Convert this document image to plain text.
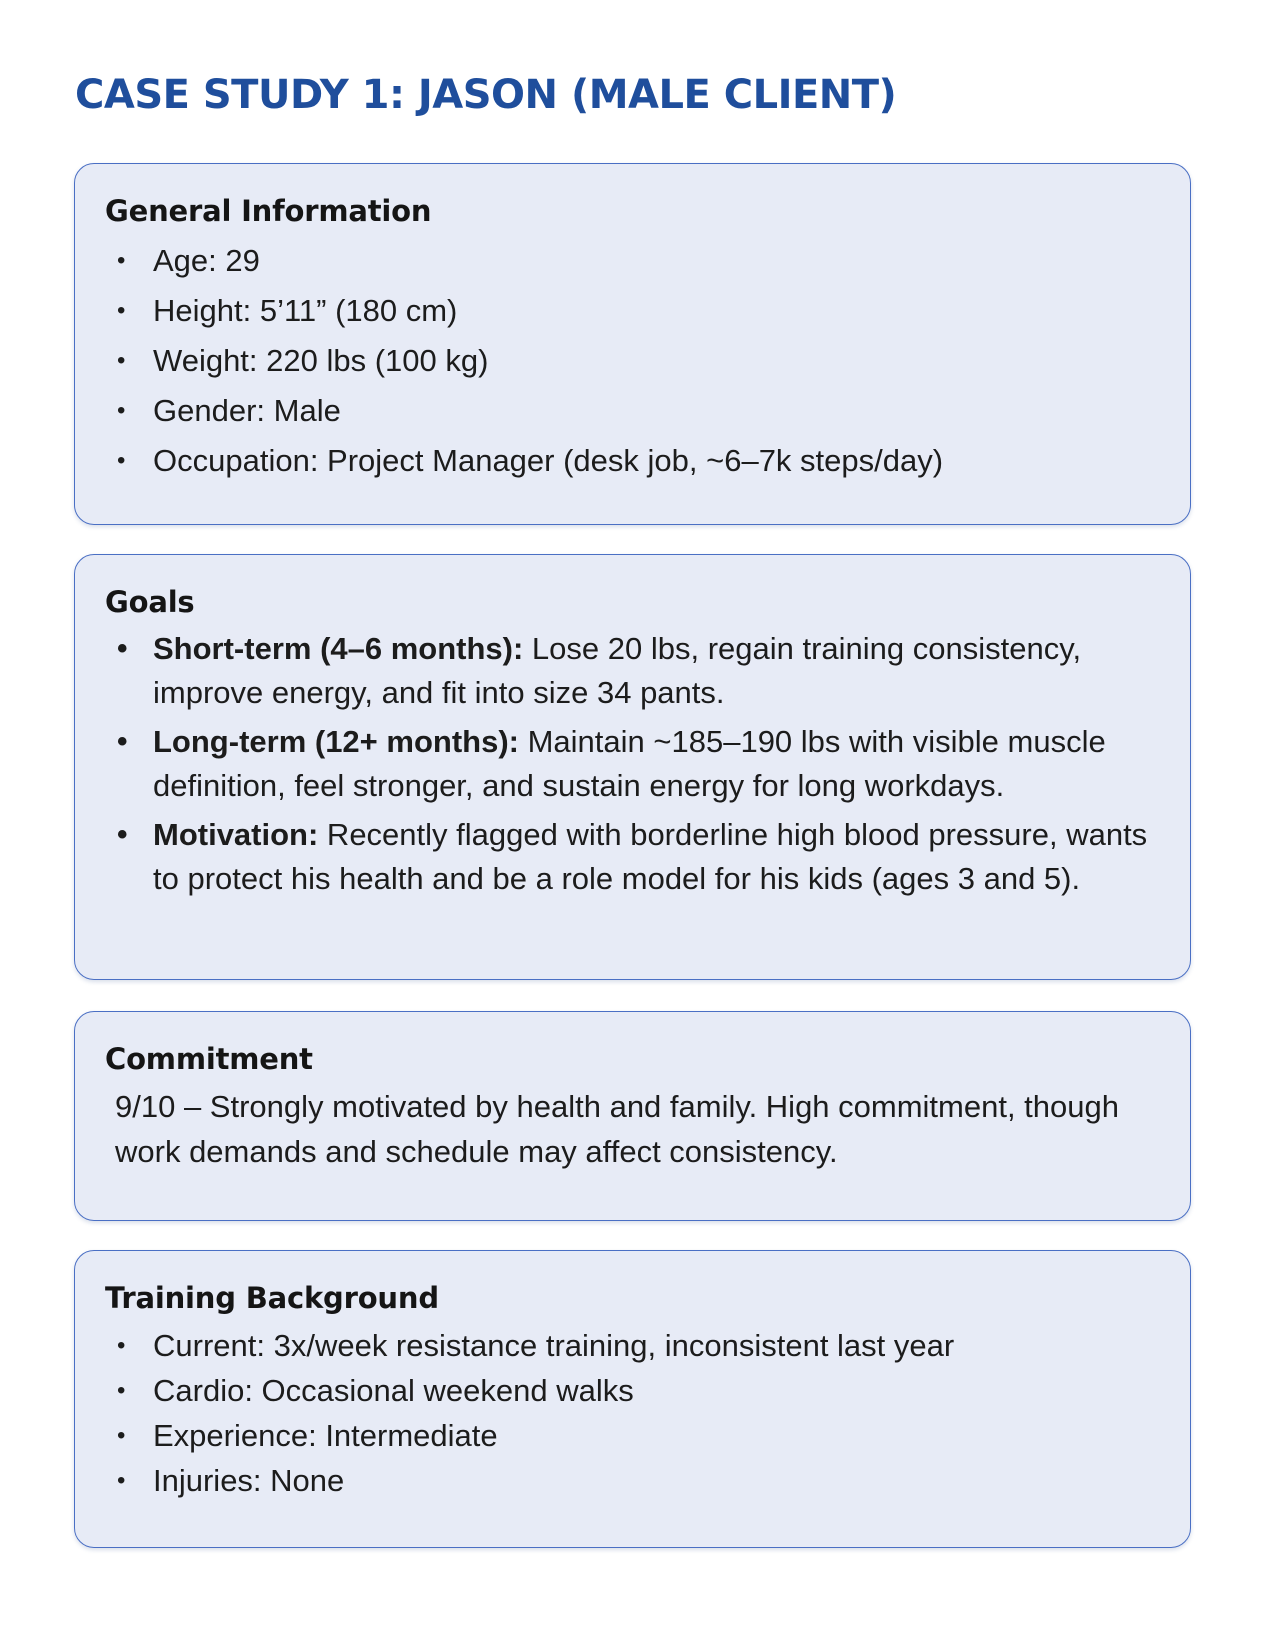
CASE STUDY 1: JASON (MALE CLIENT)
General Information
• Age: 29
• Height: 5’11” (180 cm)
• Weight: 220 lbs (100 kg)
• Gender: Male
• Occupation: Project Manager (desk job, ~6–7k steps/day)
Goals
• Short-term (4–6 months): Lose 20 lbs, regain training consistency, improve energy, and fit into size 34 pants.
• Long-term (12+ months): Maintain ~185–190 lbs with visible muscle definition, feel stronger, and sustain energy for long workdays.
• Motivation: Recently flagged with borderline high blood pressure, wants to protect his health and be a role model for his kids (ages 3 and 5).
Commitment

9/10 – Strongly motivated by health and family. High commitment, though work demands and schedule may affect consistency.

Training Background
• Current: 3x/week resistance training, inconsistent last year
• Cardio: Occasional weekend walks
• Experience: Intermediate
• Injuries: None
